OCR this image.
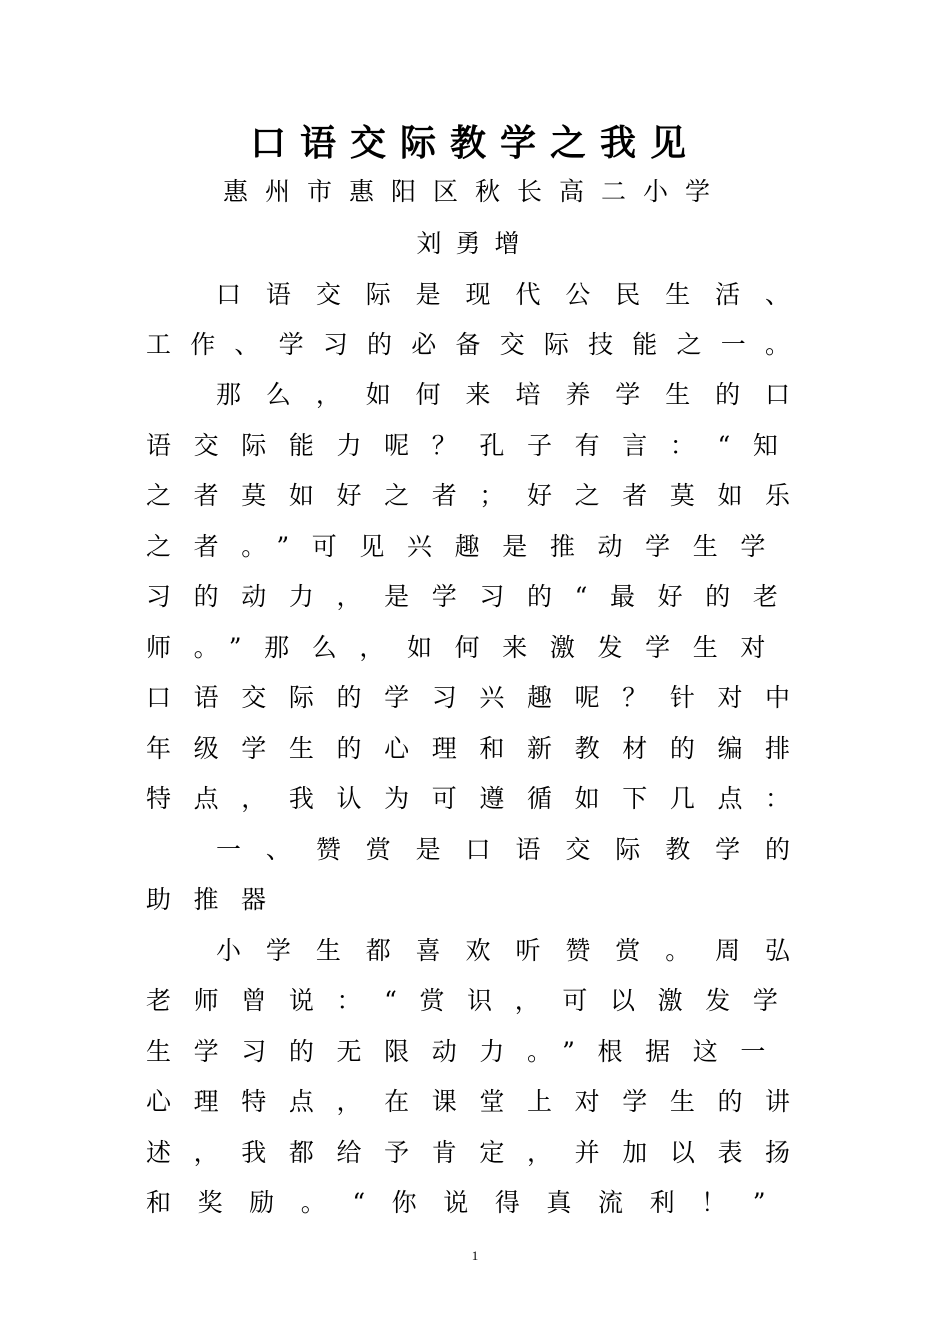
口语交际教学之我见
惠州市惠阳区秋长高二小学
刘勇增
口语交际是现代公民生活、
工作、学习的必备交际技能之一。
那么，如何来培养学生的口
语交际能力呢？孔子有言：“知
之者莫如好之者；好之者莫如乐
之者。”可见兴趣是推动学生学
习的动力，是学习的“最好的老
师。”那么，如何来激发学生对
口语交际的学习兴趣呢？针对中
年级学生的心理和新教材的编排
特点，我认为可遵循如下几点：
一、赞赏是口语交际教学的
助推器
小学生都喜欢听赞赏。周弘
老师曾说：“赏识，可以激发学
生学习的无限动力。”根据这一
心理特点，在课堂上对学生的讲
述，我都给予肯定，并加以表扬
和奖励。“你说得真流利！”
1
